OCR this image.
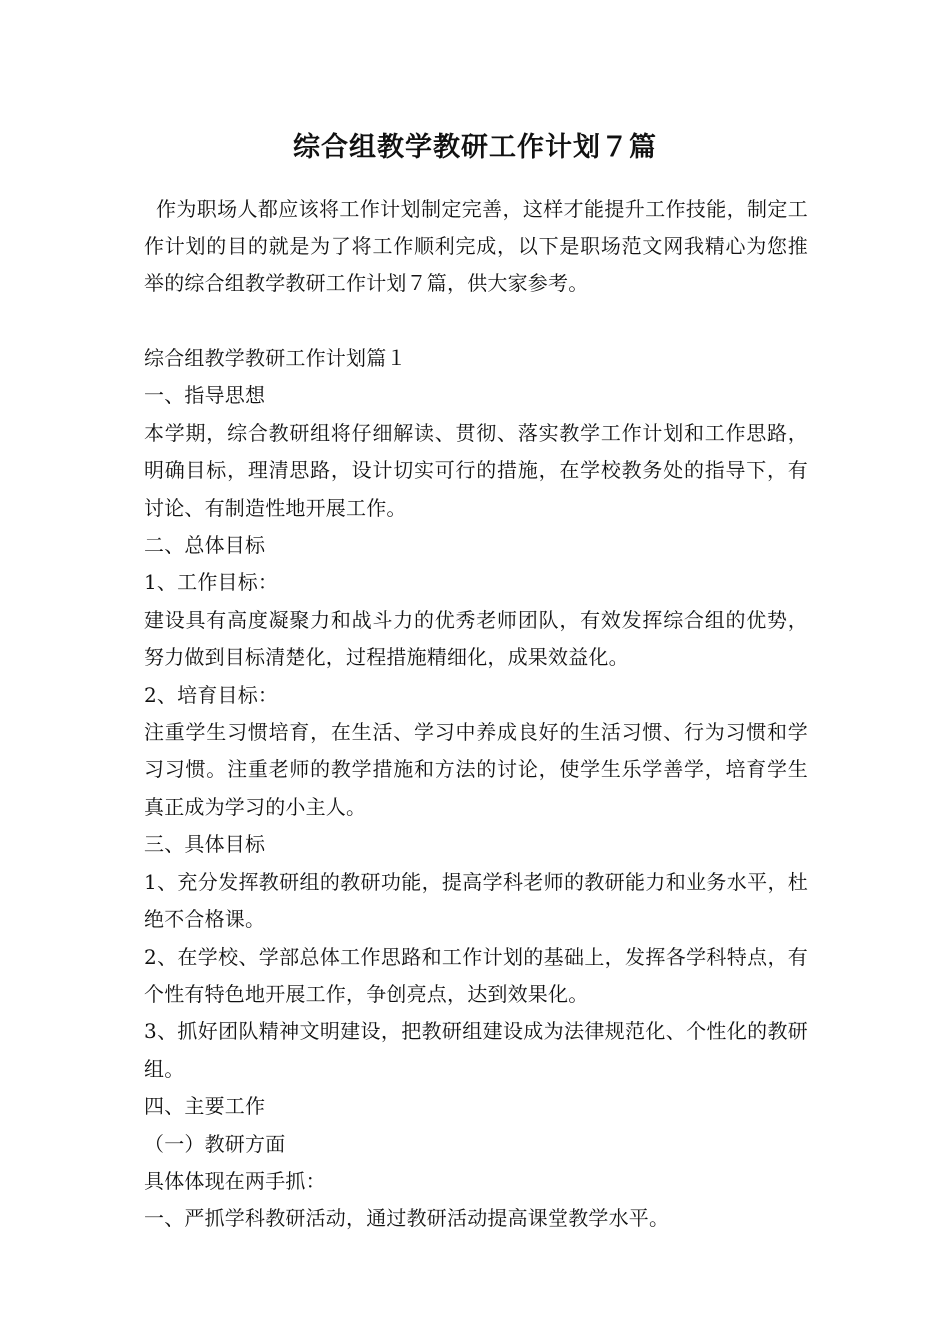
综合组教学教研工作计划７篇

作为职场人都应该将工作计划制定完善，这样才能提升工作技能，制定工作计划的目的就是为了将工作顺利完成，以下是职场范文网我精心为您推举的综合组教学教研工作计划７篇，供大家参考。

综合组教学教研工作计划篇１

一、指导思想

本学期，综合教研组将仔细解读、贯彻、落实教学工作计划和工作思路，明确目标，理清思路，设计切实可行的措施，在学校教务处的指导下，有讨论、有制造性地开展工作。

二、总体目标

1、工作目标：

建设具有高度凝聚力和战斗力的优秀老师团队，有效发挥综合组的优势，努力做到目标清楚化，过程措施精细化，成果效益化。

2、培育目标：

注重学生习惯培育，在生活、学习中养成良好的生活习惯、行为习惯和学习习惯。注重老师的教学措施和方法的讨论，使学生乐学善学，培育学生真正成为学习的小主人。

三、具体目标

1、充分发挥教研组的教研功能，提高学科老师的教研能力和业务水平，杜绝不合格课。

2、在学校、学部总体工作思路和工作计划的基础上，发挥各学科特点，有个性有特色地开展工作，争创亮点，达到效果化。

3、抓好团队精神文明建设，把教研组建设成为法律规范化、个性化的教研组。

四、主要工作

（一）教研方面

具体体现在两手抓：

一、严抓学科教研活动，通过教研活动提高课堂教学水平。
